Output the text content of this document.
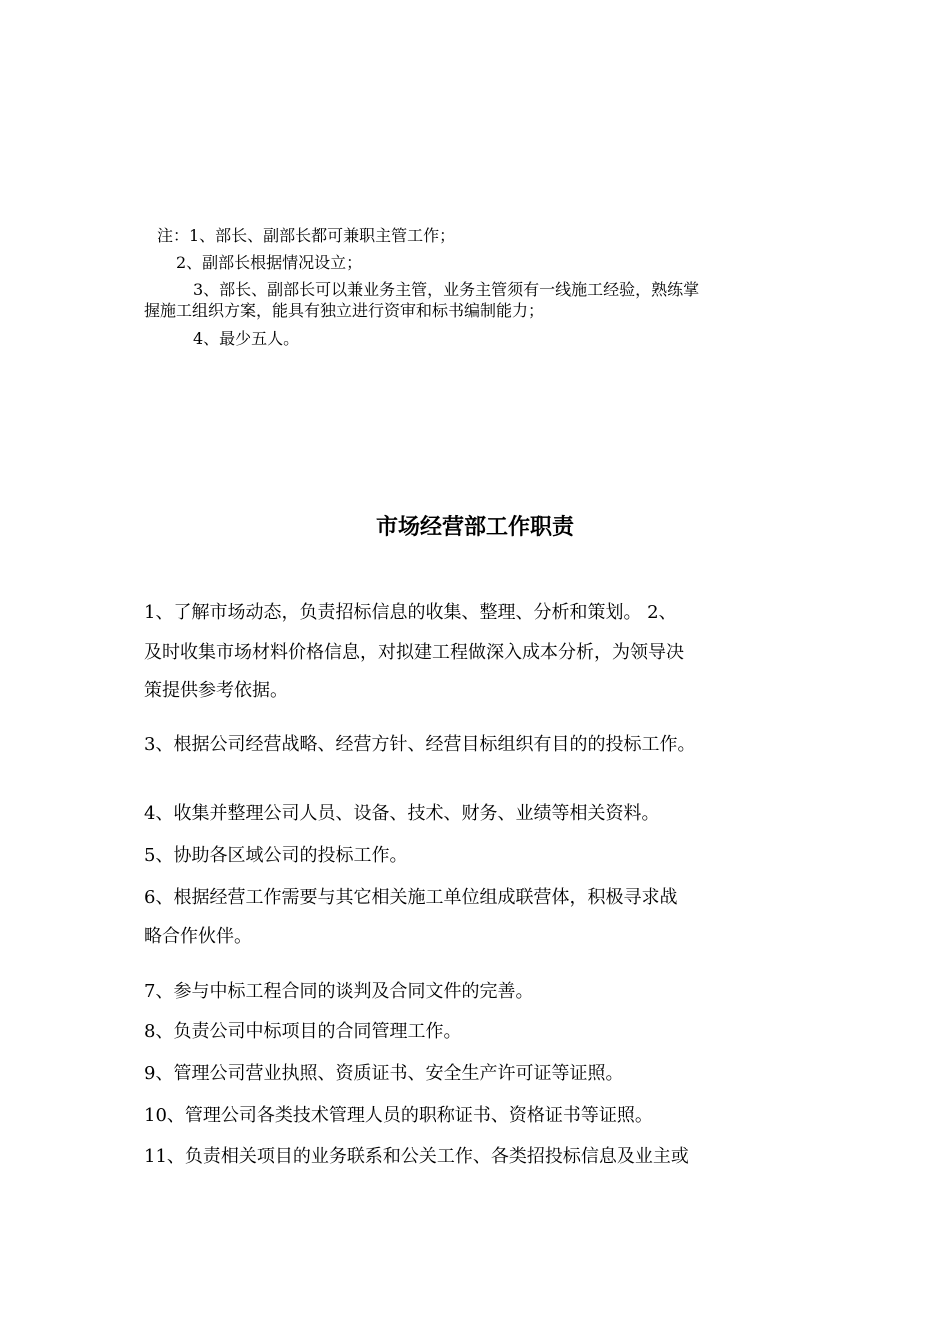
注：1、部长、副部长都可兼职主管工作；
2、副部长根据情况设立；
3、部长、副部长可以兼业务主管，业务主管须有一线施工经验，熟练掌
握施工组织方案，能具有独立进行资审和标书编制能力；
4、最少五人。
市场经营部工作职责
1、了解市场动态，负责招标信息的收集、整理、分析和策划。 2、
及时收集市场材料价格信息，对拟建工程做深入成本分析，为领导决
策提供参考依据。
3、根据公司经营战略、经营方针、经营目标组织有目的的投标工作。
4、收集并整理公司人员、设备、技术、财务、业绩等相关资料。
5、协助各区域公司的投标工作。
6、根据经营工作需要与其它相关施工单位组成联营体，积极寻求战
略合作伙伴。
7、参与中标工程合同的谈判及合同文件的完善。
8、负责公司中标项目的合同管理工作。
9、管理公司营业执照、资质证书、安全生产许可证等证照。
10、管理公司各类技术管理人员的职称证书、资格证书等证照。
11、负责相关项目的业务联系和公关工作、各类招投标信息及业主或
